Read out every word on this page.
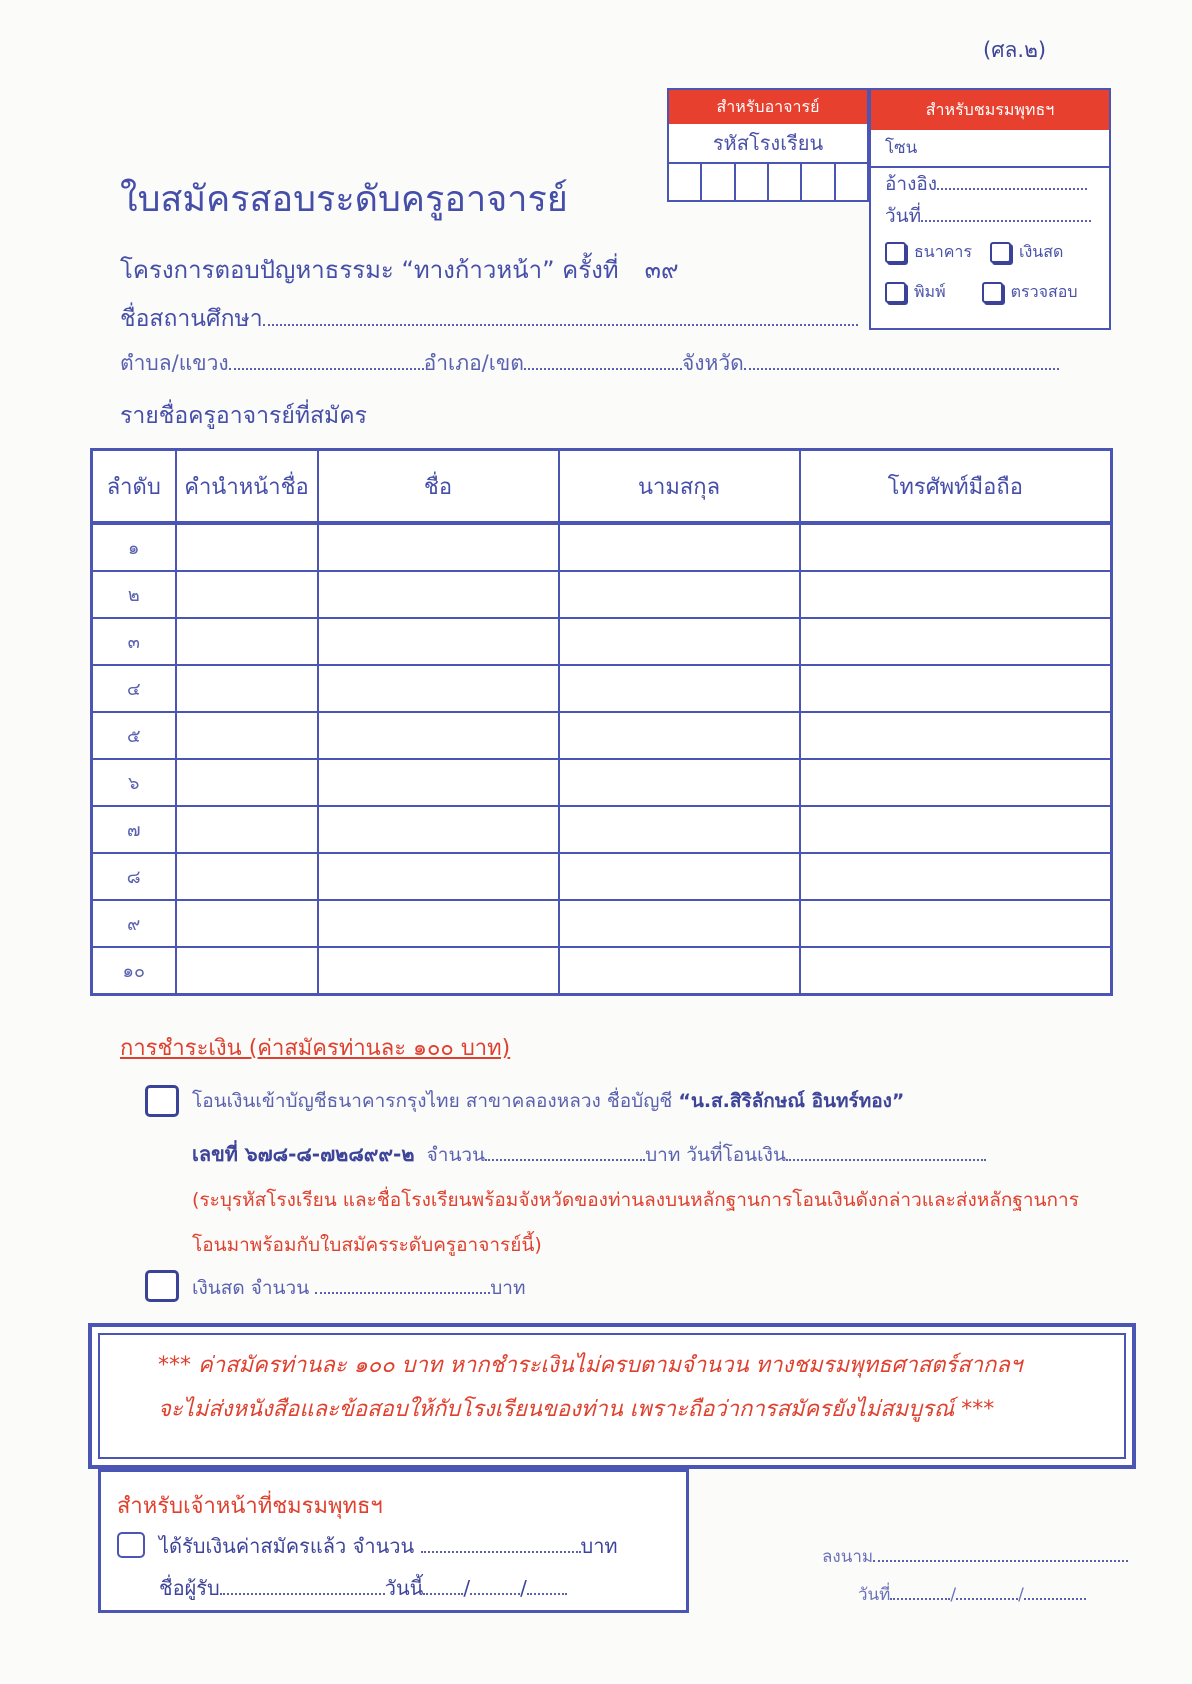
(ศล.๒)
สำหรับอาจารย์
รหัสโรงเรียน
สำหรับชมรมพุทธฯ
โซน
อ้างอิง
วันที่
ธนาคาร	เงินสด
พิมพ์	ตรวจสอบ
ใบสมัครสอบระดับครูอาจารย์
โครงการตอบปัญหาธรรมะ “ทางก้าวหน้า” ครั้งที่ ๓๙
ชื่อสถานศึกษา
ตำบล/แขวง	อำเภอ/เขต	จังหวัด
รายชื่อครูอาจารย์ที่สมัคร
ลำดับ	คำนำหน้าชื่อ	ชื่อ	นามสกุล	โทรศัพท์มือถือ
๑				
๒				
๓				
๔				
๕				
๖				
๗				
๘				
๙				
๑๐				
การชำระเงิน (ค่าสมัครท่านละ ๑๐๐ บาท)
โอนเงินเข้าบัญชีธนาคารกรุงไทย สาขาคลองหลวง ชื่อบัญชี “น.ส.สิริลักษณ์ อินทร์ทอง”
เลขที่ ๖๗๘-๘-๗๒๘๙๙-๒ จำนวน	บาท วันที่โอนเงิน
(ระบุรหัสโรงเรียน และชื่อโรงเรียนพร้อมจังหวัดของท่านลงบนหลักฐานการโอนเงินดังกล่าวและส่งหลักฐานการ
โอนมาพร้อมกับใบสมัครระดับครูอาจารย์นี้)
เงินสด จำนวน	บาท
*** ค่าสมัครท่านละ ๑๐๐ บาท หากชำระเงินไม่ครบตามจำนวน ทางชมรมพุทธศาสตร์สากลฯ
จะไม่ส่งหนังสือและข้อสอบให้กับโรงเรียนของท่าน เพราะถือว่าการสมัครยังไม่สมบูรณ์ ***
สำหรับเจ้าหน้าที่ชมรมพุทธฯ
ได้รับเงินค่าสมัครแล้ว จำนวน	บาท
ชื่อผู้รับ	วันนี้ /	/
ลงนาม
วันที่	/	/
